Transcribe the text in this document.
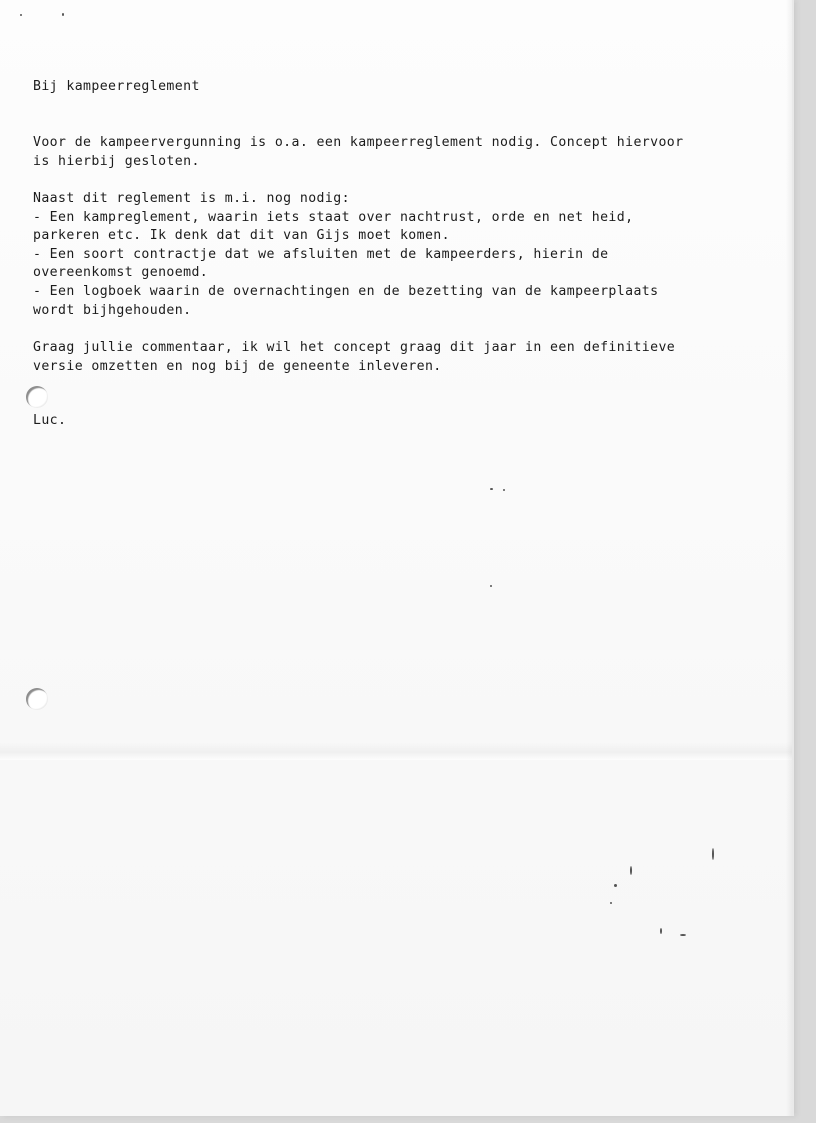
Bij kampeerreglement

Voor de kampeervergunning is o.a. een kampeerreglement nodig. Concept hiervoor
is hierbij gesloten.
Naast dit reglement is m.i. nog nodig:
- Een kampreglement, waarin iets staat over nachtrust, orde en net heid,
parkeren etc. Ik denk dat dit van Gijs moet komen.
- Een soort contractje dat we afsluiten met de kampeerders, hierin de
overeenkomst genoemd.
- Een logboek waarin de overnachtingen en de bezetting van de kampeerplaats
wordt bijhgehouden.
Graag jullie commentaar, ik wil het concept graag dit jaar in een definitieve
versie omzetten en nog bij de geneente inleveren.

Luc.
